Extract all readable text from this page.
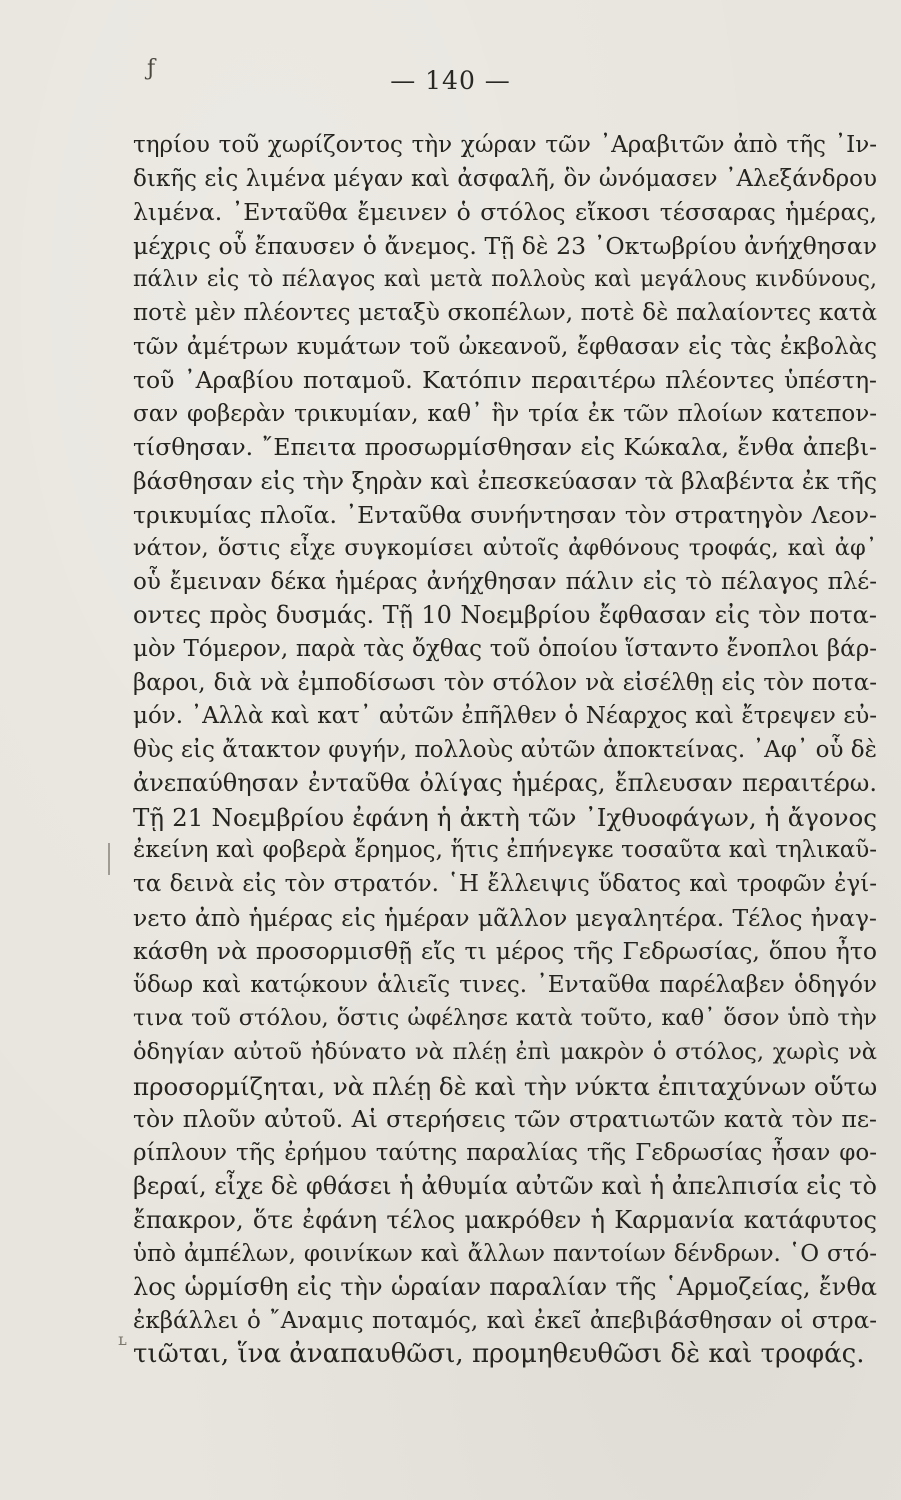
ƒ	— 140 —
τηρίου τοῦ χωρίζοντος τὴν χώραν τῶν ᾿Αραβιτῶν ἀπὸ τῆς ᾿Ιν-
δικῆς εἰς λιμένα μέγαν καὶ ἀσφαλῆ, ὃν ὠνόμασεν ᾿Αλεξάνδρου
λιμένα. ᾿Ενταῦθα ἔμεινεν ὁ στόλος εἴκοσι τέσσαρας ἡμέρας,
μέχρις οὗ ἔπαυσεν ὁ ἄνεμος. Τῇ δὲ 23 ᾿Οκτωβρίου ἀνήχθησαν
πάλιν εἰς τὸ πέλαγος καὶ μετὰ πολλοὺς καὶ μεγάλους κινδύνους,
ποτὲ μὲν πλέοντες μεταξὺ σκοπέλων, ποτὲ δὲ παλαίοντες κατὰ
τῶν ἀμέτρων κυμάτων τοῦ ὠκεανοῦ, ἔφθασαν εἰς τὰς ἐκβολὰς
τοῦ ᾿Αραβίου ποταμοῦ. Κατόπιν περαιτέρω πλέοντες ὑπέστη-
σαν φοβερὰν τρικυμίαν, καθ᾿ ἣν τρία ἐκ τῶν πλοίων κατεπον-
τίσθησαν. ῎Επειτα προσωρμίσθησαν εἰς Κώκαλα, ἔνθα ἀπεβι-
βάσθησαν εἰς τὴν ξηρὰν καὶ ἐπεσκεύασαν τὰ βλαβέντα ἐκ τῆς
τρικυμίας πλοῖα. ᾿Ενταῦθα συνήντησαν τὸν στρατηγὸν Λεον-
νάτον, ὅστις εἶχε συγκομίσει αὐτοῖς ἀφθόνους τροφάς, καὶ ἀφ᾿
οὗ ἔμειναν δέκα ἡμέρας ἀνήχθησαν πάλιν εἰς τὸ πέλαγος πλέ-
οντες πρὸς δυσμάς. Τῇ 10 Νοεμβρίου ἔφθασαν εἰς τὸν ποτα-
μὸν Τόμερον, παρὰ τὰς ὄχθας τοῦ ὁποίου ἵσταντο ἔνοπλοι βάρ-
βαροι, διὰ νὰ ἐμποδίσωσι τὸν στόλον νὰ εἰσέλθῃ εἰς τὸν ποτα-
μόν. ᾿Αλλὰ καὶ κατ᾿ αὐτῶν ἐπῆλθεν ὁ Νέαρχος καὶ ἔτρεψεν εὐ-
θὺς εἰς ἄτακτον φυγήν, πολλοὺς αὐτῶν ἀποκτείνας. ᾿Αφ᾿ οὗ δὲ
ἀνεπαύθησαν ἐνταῦθα ὀλίγας ἡμέρας, ἔπλευσαν περαιτέρω.
Τῇ 21 Νοεμβρίου ἐφάνη ἡ ἀκτὴ τῶν ᾿Ιχθυοφάγων, ἡ ἄγονος
ἐκείνη καὶ φοβερὰ ἔρημος, ἥτις ἐπήνεγκε τοσαῦτα καὶ τηλικαῦ-
τα δεινὰ εἰς τὸν στρατόν. ῾Η ἔλλειψις ὕδατος καὶ τροφῶν ἐγί-
νετο ἀπὸ ἡμέρας εἰς ἡμέραν μᾶλλον μεγαλητέρα. Τέλος ἠναγ-
κάσθη νὰ προσορμισθῇ εἴς τι μέρος τῆς Γεδρωσίας, ὅπου ἦτο
ὕδωρ καὶ κατῴκουν ἁλιεῖς τινες. ᾿Ενταῦθα παρέλαβεν ὁδηγόν
τινα τοῦ στόλου, ὅστις ὠφέλησε κατὰ τοῦτο, καθ᾿ ὅσον ὑπὸ τὴν
ὁδηγίαν αὐτοῦ ἠδύνατο νὰ πλέῃ ἐπὶ μακρὸν ὁ στόλος, χωρὶς νὰ
προσορμίζηται, νὰ πλέῃ δὲ καὶ τὴν νύκτα ἐπιταχύνων οὕτω
τὸν πλοῦν αὐτοῦ. Αἱ στερήσεις τῶν στρατιωτῶν κατὰ τὸν πε-
ρίπλουν τῆς ἐρήμου ταύτης παραλίας τῆς Γεδρωσίας ἦσαν φο-
βεραί, εἶχε δὲ φθάσει ἡ ἀθυμία αὐτῶν καὶ ἡ ἀπελπισία εἰς τὸ
ἔπακρον, ὅτε ἐφάνη τέλος μακρόθεν ἡ Καρμανία κατάφυτος
ὑπὸ ἀμπέλων, φοινίκων καὶ ἄλλων παντοίων δένδρων. ῾Ο στό-
λος ὡρμίσθη εἰς τὴν ὡραίαν παραλίαν τῆς ῾Αρμοζείας, ἔνθα
ἐκβάλλει ὁ ῎Αναμις ποταμός, καὶ ἐκεῖ ἀπεβιβάσθησαν οἱ στρα-
τιῶται, ἵνα ἀναπαυθῶσι, προμηθευθῶσι δὲ καὶ τροφάς.
ʟ
